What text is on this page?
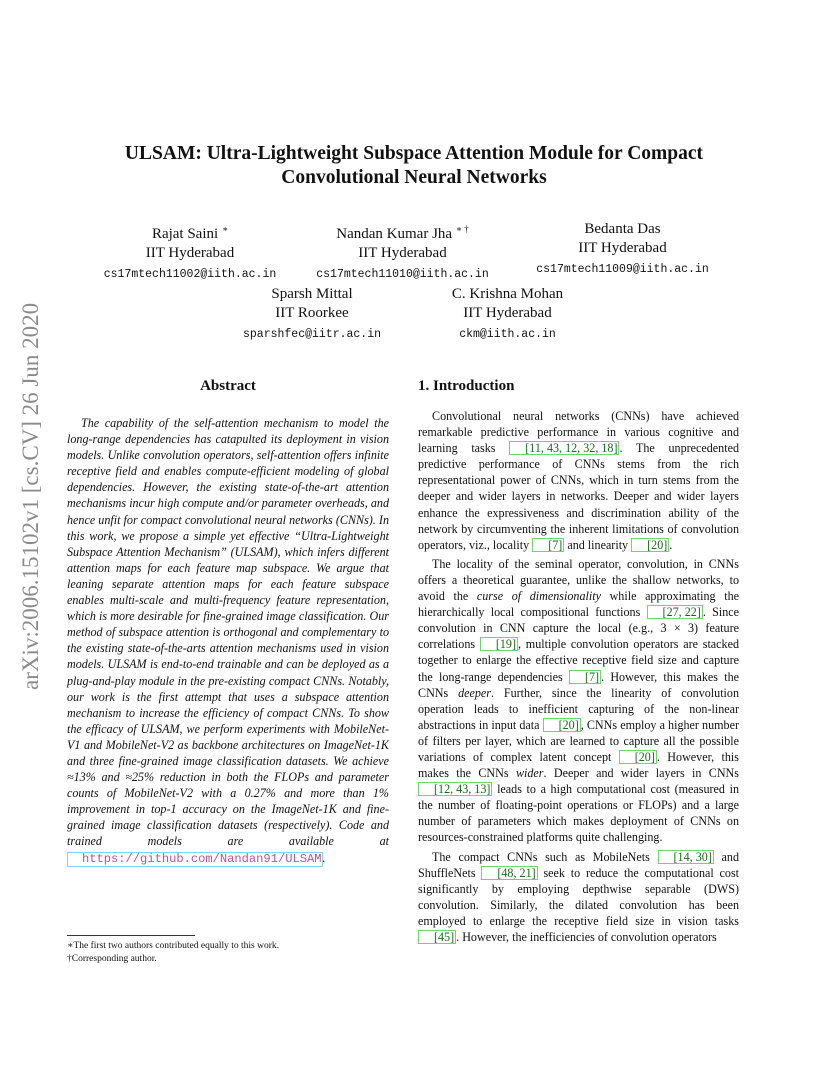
arXiv:2006.15102v1 [cs.CV] 26 Jun 2020
ULSAM: Ultra-Lightweight Subspace Attention Module for Compact
Convolutional Neural Networks
Rajat Saini ∗
IIT Hyderabad
cs17mtech11002@iith.ac.in
Nandan Kumar Jha ∗ †
IIT Hyderabad
cs17mtech11010@iith.ac.in
Bedanta Das
IIT Hyderabad
cs17mtech11009@iith.ac.in
Sparsh Mittal
IIT Roorkee
sparshfec@iitr.ac.in
C. Krishna Mohan
IIT Hyderabad
ckm@iith.ac.in
Abstract	1. Introduction
The capability of the self-attention mechanism to model the long-range dependencies has catapulted its deployment in vision models. Unlike convolution operators, self-attention offers infinite receptive field and enables compute-efficient modeling of global dependencies. However, the existing state-of-the-art attention mechanisms incur high compute and/or parameter overheads, and hence unfit for compact convolutional neural networks (CNNs). In this work, we propose a simple yet effective “Ultra-Lightweight Subspace Attention Mechanism” (ULSAM), which infers different attention maps for each feature map subspace. We argue that leaning separate attention maps for each feature subspace enables multi-scale and multi-frequency feature representation, which is more desirable for fine-grained image classification. Our method of subspace attention is orthogonal and complementary to the existing state-of-the-arts attention mechanisms used in vision models. ULSAM is end-to-end trainable and can be deployed as a plug-and-play module in the pre-existing compact CNNs. Notably, our work is the first attempt that uses a subspace attention mechanism to increase the efficiency of compact CNNs. To show the efficacy of ULSAM, we perform experiments with MobileNet-V1 and MobileNet-V2 as backbone architectures on ImageNet-1K and three fine-grained image classification datasets. We achieve ≈13% and ≈25% reduction in both the FLOPs and parameter counts of MobileNet-V2 with a 0.27% and more than 1% improvement in top-1 accuracy on the ImageNet-1K and fine-grained image classification datasets (respectively). Code and trained models are available at https://github.com/Nandan91/ULSAM.

Convolutional neural networks (CNNs) have achieved remarkable predictive performance in various cognitive and learning tasks [11, 43, 12, 32, 18] . The unprecedented predictive performance of CNNs stems from the rich representational power of CNNs, which in turn stems from the deeper and wider layers in networks. Deeper and wider layers enhance the expressiveness and discrimination ability of the network by circumventing the inherent limitations of convolution operators, viz., locality [7] and linearity [20] .

The locality of the seminal operator, convolution, in CNNs offers a theoretical guarantee, unlike the shallow networks, to avoid the curse of dimensionality while approximating the hierarchically local compositional functions [27, 22] . Since convolution in CNN capture the local (e.g., 3 × 3) feature correlations [19] , multiple convolution operators are stacked together to enlarge the effective receptive field size and capture the long-range dependencies [7] . However, this makes the CNNs deeper. Further, since the linearity of convolution operation leads to inefficient capturing of the non-linear abstractions in input data [20] , CNNs employ a higher number of filters per layer, which are learned to capture all the possible variations of complex latent concept [20] . However, this makes the CNNs wider. Deeper and wider layers in CNNs [12, 43, 13] leads to a high computational cost (measured in the number of floating-point operations or FLOPs) and a large number of parameters which makes deployment of CNNs on resources-constrained platforms quite challenging.

The compact CNNs such as MobileNets [14, 30] and ShuffleNets [48, 21] seek to reduce the computational cost significantly by employing depthwise separable (DWS) convolution. Similarly, the dilated convolution has been employed to enlarge the receptive field size in vision tasks [45] . However, the inefficiencies of convolution operators

∗The first two authors contributed equally to this work.
†Corresponding author.
